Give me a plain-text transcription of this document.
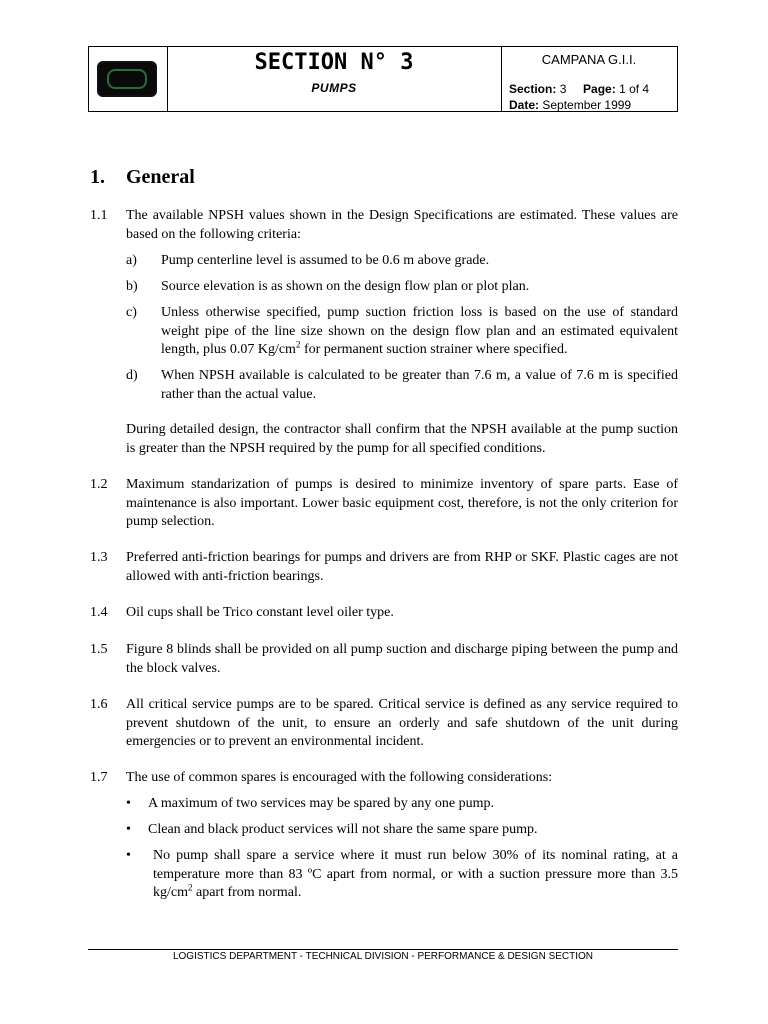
SECTION N° 3
PUMPS
CAMPANA G.I.I.
Section: 3 Page: 1 of 4
Date: September 1999
1. General
1.1	The available NPSH values shown in the Design Specifications are estimated. These values are based on the following criteria:
a)	Pump centerline level is assumed to be 0.6 m above grade.
b)	Source elevation is as shown on the design flow plan or plot plan.
c)	Unless otherwise specified, pump suction friction loss is based on the use of standard weight pipe of the line size shown on the design flow plan and an estimated equivalent length, plus 0.07 $Kg/cm^2$ for permanent suction strainer where specified.
d)	When NPSH available is calculated to be greater than 7.6 m, a value of 7.6 m is specified rather than the actual value.
During detailed design, the contractor shall confirm that the NPSH available at the pump suction is greater than the NPSH required by the pump for all specified conditions.
1.2	Maximum standarization of pumps is desired to minimize inventory of spare parts. Ease of maintenance is also important. Lower basic equipment cost, therefore, is not the only criterion for pump selection.
1.3	Preferred anti-friction bearings for pumps and drivers are from RHP or SKF. Plastic cages are not allowed with anti-friction bearings.
1.4	Oil cups shall be Trico constant level oiler type.
1.5	Figure 8 blinds shall be provided on all pump suction and discharge piping between the pump and the block valves.
1.6	All critical service pumps are to be spared. Critical service is defined as any service required to prevent shutdown of the unit, to ensure an orderly and safe shutdown of the unit during emergencies or to prevent an environmental incident.
1.7	The use of common spares is encouraged with the following considerations:
• A maximum of two services may be spared by any one pump.
• Clean and black product services will not share the same spare pump.
• No pump shall spare a service where it must run below 30% of its nominal rating, at a temperature more than 83 ºC apart from normal, or with a suction pressure more than 3.5 $kg/cm^2$ apart from normal.
LOGISTICS DEPARTMENT - TECHNICAL DIVISION - PERFORMANCE & DESIGN SECTION
